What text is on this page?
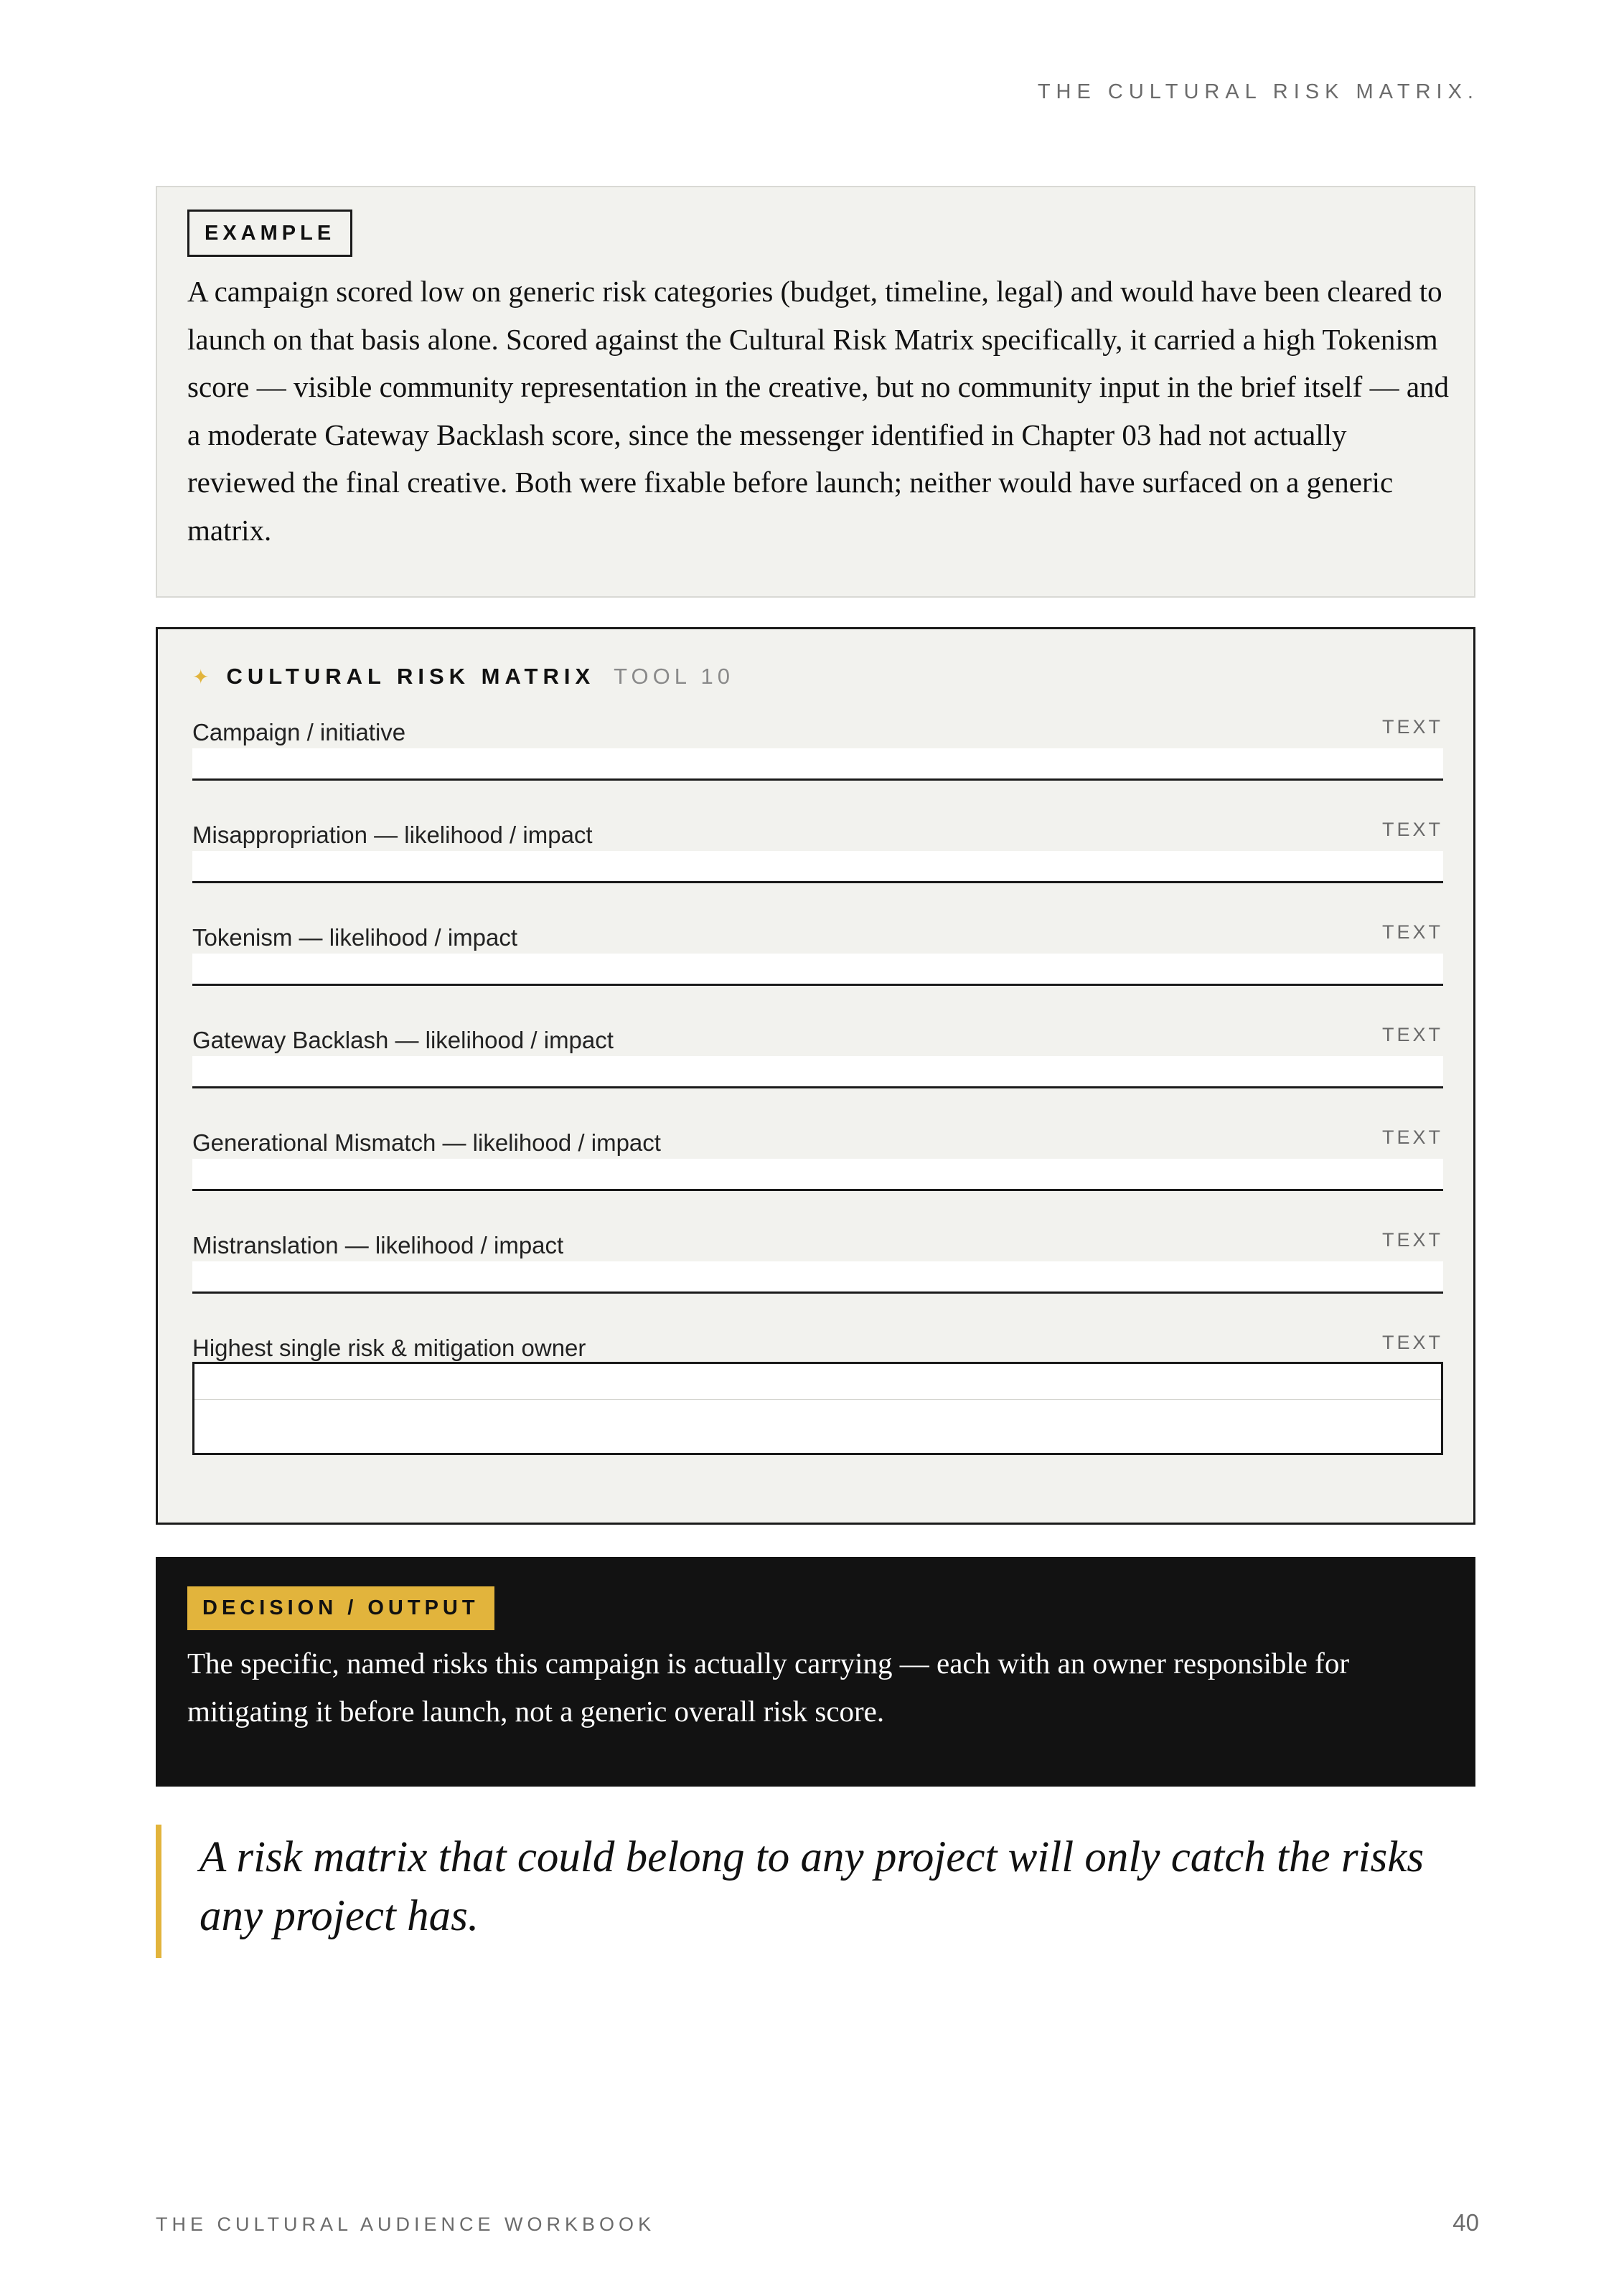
THE CULTURAL RISK MATRIX.
EXAMPLE

A campaign scored low on generic risk categories (budget, timeline, legal) and would have been cleared to launch on that basis alone. Scored against the Cultural Risk Matrix specifically, it carried a high Tokenism score — visible community representation in the creative, but no community input in the brief itself — and a moderate Gateway Backlash score, since the messenger identified in Chapter 03 had not actually reviewed the final creative. Both were fixable before launch; neither would have surfaced on a generic matrix.

✦ CULTURAL RISK MATRIX TOOL 10
Campaign / initiative	TEXT
Misappropriation — likelihood / impact	TEXT
Tokenism — likelihood / impact	TEXT
Gateway Backlash — likelihood / impact	TEXT
Generational Mismatch — likelihood / impact	TEXT
Mistranslation — likelihood / impact	TEXT
Highest single risk & mitigation owner	TEXT
DECISION / OUTPUT

The specific, named risks this campaign is actually carrying — each with an owner responsible for mitigating it before launch, not a generic overall risk score.

A risk matrix that could belong to any project will only catch the risks any project has.
THE CULTURAL AUDIENCE WORKBOOK	40
